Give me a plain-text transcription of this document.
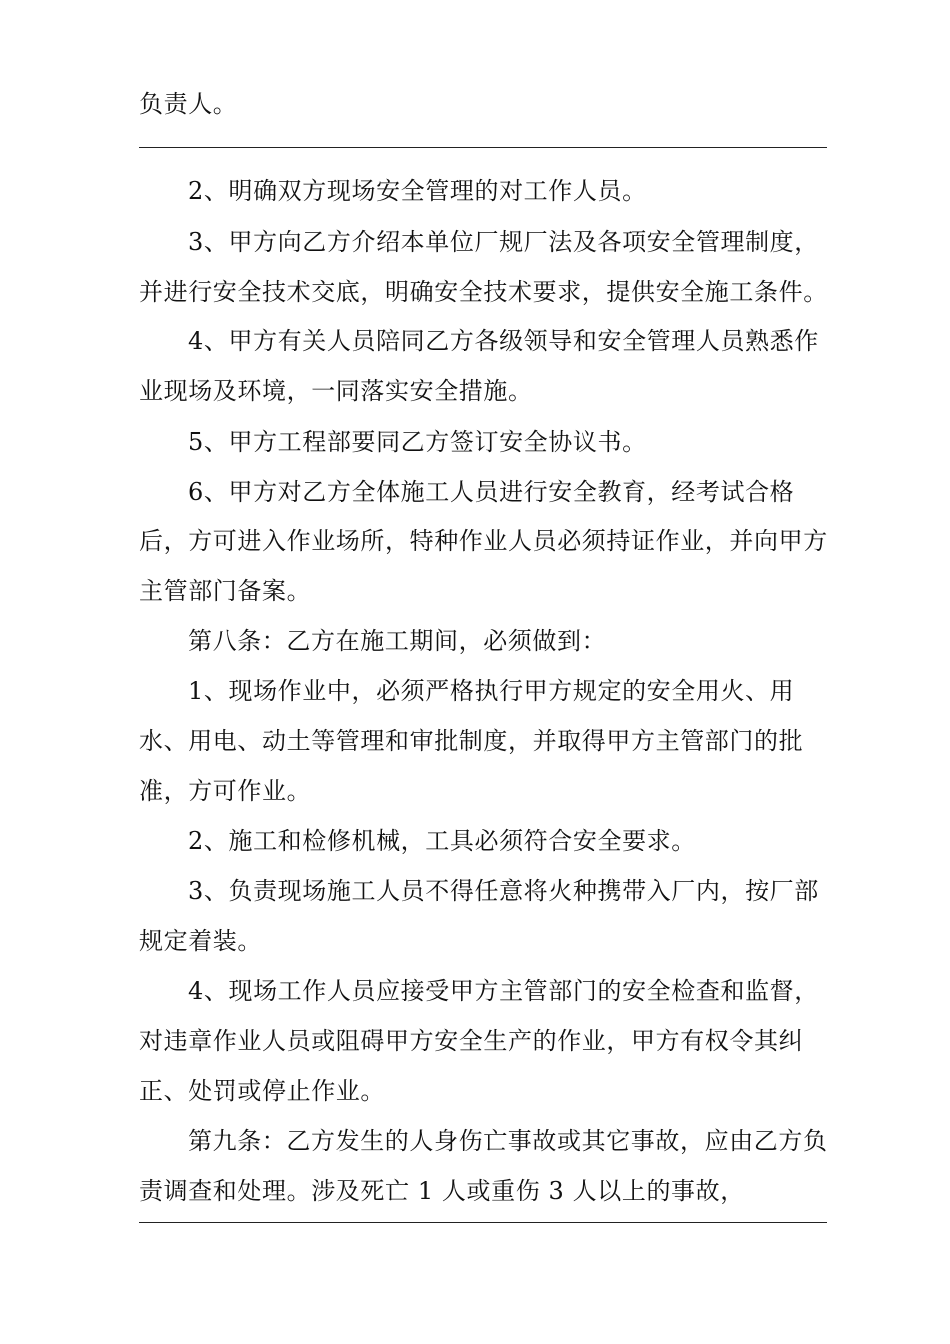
负责人。
2、明确双方现场安全管理的对工作人员。
3、甲方向乙方介绍本单位厂规厂法及各项安全管理制度，
并进行安全技术交底，明确安全技术要求，提供安全施工条件。
4、甲方有关人员陪同乙方各级领导和安全管理人员熟悉作
业现场及环境，一同落实安全措施。
5、甲方工程部要同乙方签订安全协议书。
6、甲方对乙方全体施工人员进行安全教育，经考试合格
后，方可进入作业场所，特种作业人员必须持证作业，并向甲方
主管部门备案。
第八条：乙方在施工期间，必须做到：
1、现场作业中，必须严格执行甲方规定的安全用火、用
水、用电、动土等管理和审批制度，并取得甲方主管部门的批
准，方可作业。
2、施工和检修机械，工具必须符合安全要求。
3、负责现场施工人员不得任意将火种携带入厂内，按厂部
规定着装。
4、现场工作人员应接受甲方主管部门的安全检查和监督，
对违章作业人员或阻碍甲方安全生产的作业，甲方有权令其纠
正、处罚或停止作业。
第九条：乙方发生的人身伤亡事故或其它事故，应由乙方负
责调查和处理。涉及死亡 1 人或重伤 3 人以上的事故，
